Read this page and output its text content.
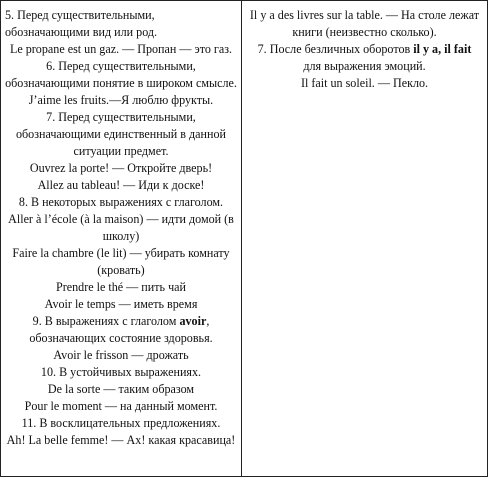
5. Перед существительными, обозначающими вид или род.

Le propane est un gaz. — Пропан — это газ.

6. Перед существительными, обозначающими понятие в широком смысле.

J’aime les fruits.—Я люблю фрукты.

7. Перед существительными, обозначающими единственный в данной ситуации предмет.

Ouvrez la porte! — Откройте дверь!

Allez au tableau! — Иди к доске!

8. В некоторых выражениях с глаголом.

Aller à l’école (à la maison) — идти домой (в школу)

Faire la chambre (le lit) — убирать комнату (кровать)

Prendre le thé — пить чай

Avoir le temps — иметь время

9. В выражениях с глаголом avoir, обозначающих состояние здоровья.

Avoir le frisson — дрожать

10. В устойчивых выражениях.

De la sorte — таким образом

Pour le moment — на данный момент.

11. В восклицательных предложениях.

Ah! La belle femme! — Ах! какая красавица!

Il y a des livres sur la table. — На столе лежат книги (неизвестно сколько).

7. После безличных оборотов il y a, il fait для выражения эмоций.

Il fait un soleil. — Пекло.
